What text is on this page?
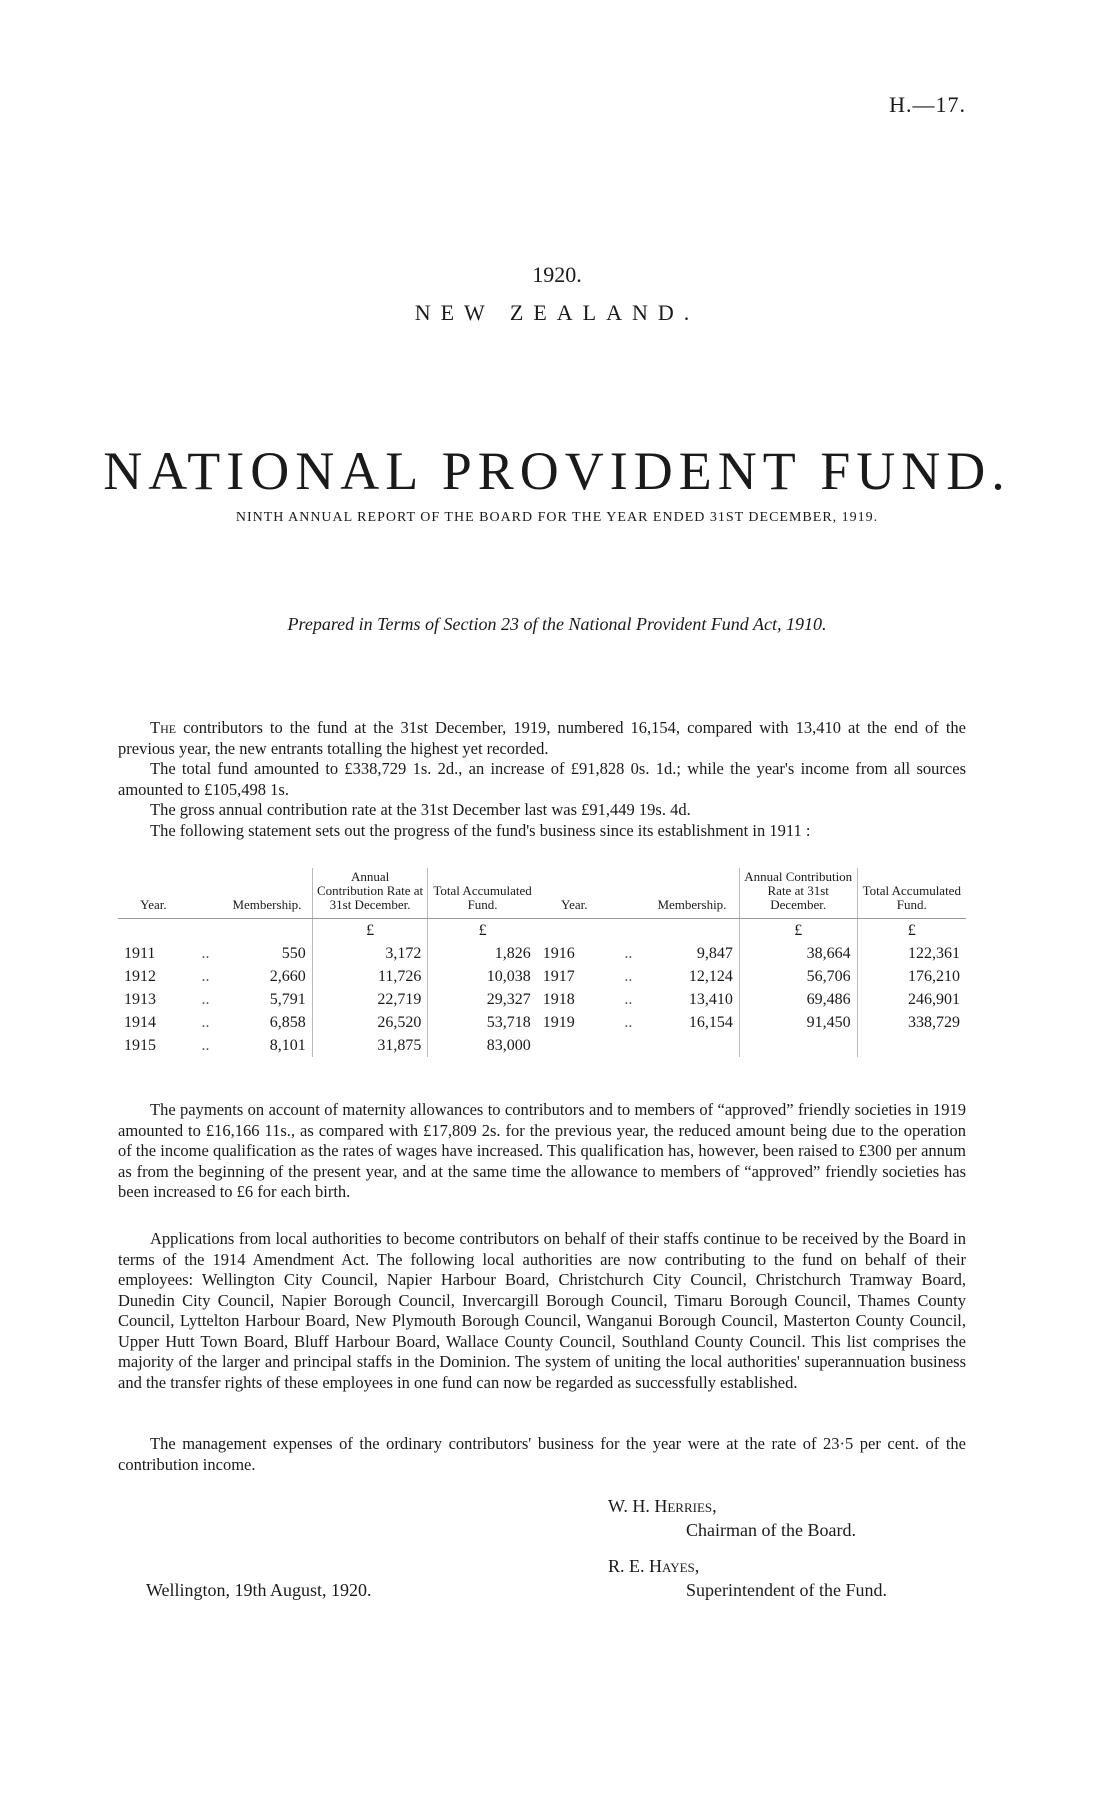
H.—17.
1920.
NEW ZEALAND.
NATIONAL PROVIDENT FUND.
NINTH ANNUAL REPORT OF THE BOARD FOR THE YEAR ENDED 31ST DECEMBER, 1919.
Prepared in Terms of Section 23 of the National Provident Fund Act, 1910.

The contributors to the fund at the 31st December, 1919, numbered 16,154, compared with 13,410 at the end of the previous year, the new entrants totalling the highest yet recorded.

The total fund amounted to £338,729 1s. 2d., an increase of £91,828 0s. 1d.; while the year's income from all sources amounted to £105,498 1s.

The gross annual contribution rate at the 31st December last was £91,449 19s. 4d.

The following statement sets out the progress of the fund's business since its establishment in 1911 :

Year.		Membership.	Annual Contribution Rate at 31st December.	Total Accumulated Fund.	Year.		Membership.	Annual Contribution Rate at 31st December.	Total Accumulated Fund.
			£	£				£	£
1911	..	550	3,172	1,826	1916	..	9,847	38,664	122,361
1912	..	2,660	11,726	10,038	1917	..	12,124	56,706	176,210
1913	..	5,791	22,719	29,327	1918	..	13,410	69,486	246,901
1914	..	6,858	26,520	53,718	1919	..	16,154	91,450	338,729
1915	..	8,101	31,875	83,000					

The payments on account of maternity allowances to contributors and to members of “approved” friendly societies in 1919 amounted to £16,166 11s., as compared with £17,809 2s. for the previous year, the reduced amount being due to the operation of the income qualification as the rates of wages have increased. This qualification has, however, been raised to £300 per annum as from the beginning of the present year, and at the same time the allowance to members of “approved” friendly societies has been increased to £6 for each birth.

Applications from local authorities to become contributors on behalf of their staffs continue to be received by the Board in terms of the 1914 Amendment Act. The following local authorities are now contributing to the fund on behalf of their employees: Wellington City Council, Napier Harbour Board, Christchurch City Council, Christchurch Tramway Board, Dunedin City Council, Napier Borough Council, Invercargill Borough Council, Timaru Borough Council, Thames County Council, Lyttelton Harbour Board, New Plymouth Borough Council, Wanganui Borough Council, Masterton County Council, Upper Hutt Town Board, Bluff Harbour Board, Wallace County Council, Southland County Council. This list comprises the majority of the larger and principal staffs in the Dominion. The system of uniting the local authorities' superannuation business and the transfer rights of these employees in one fund can now be regarded as successfully established.

The management expenses of the ordinary contributors' business for the year were at the rate of 23·5 per cent. of the contribution income.

W. H. Herries,
Chairman of the Board.
R. E. Hayes,
Superintendent of the Fund.
Wellington, 19th August, 1920.
